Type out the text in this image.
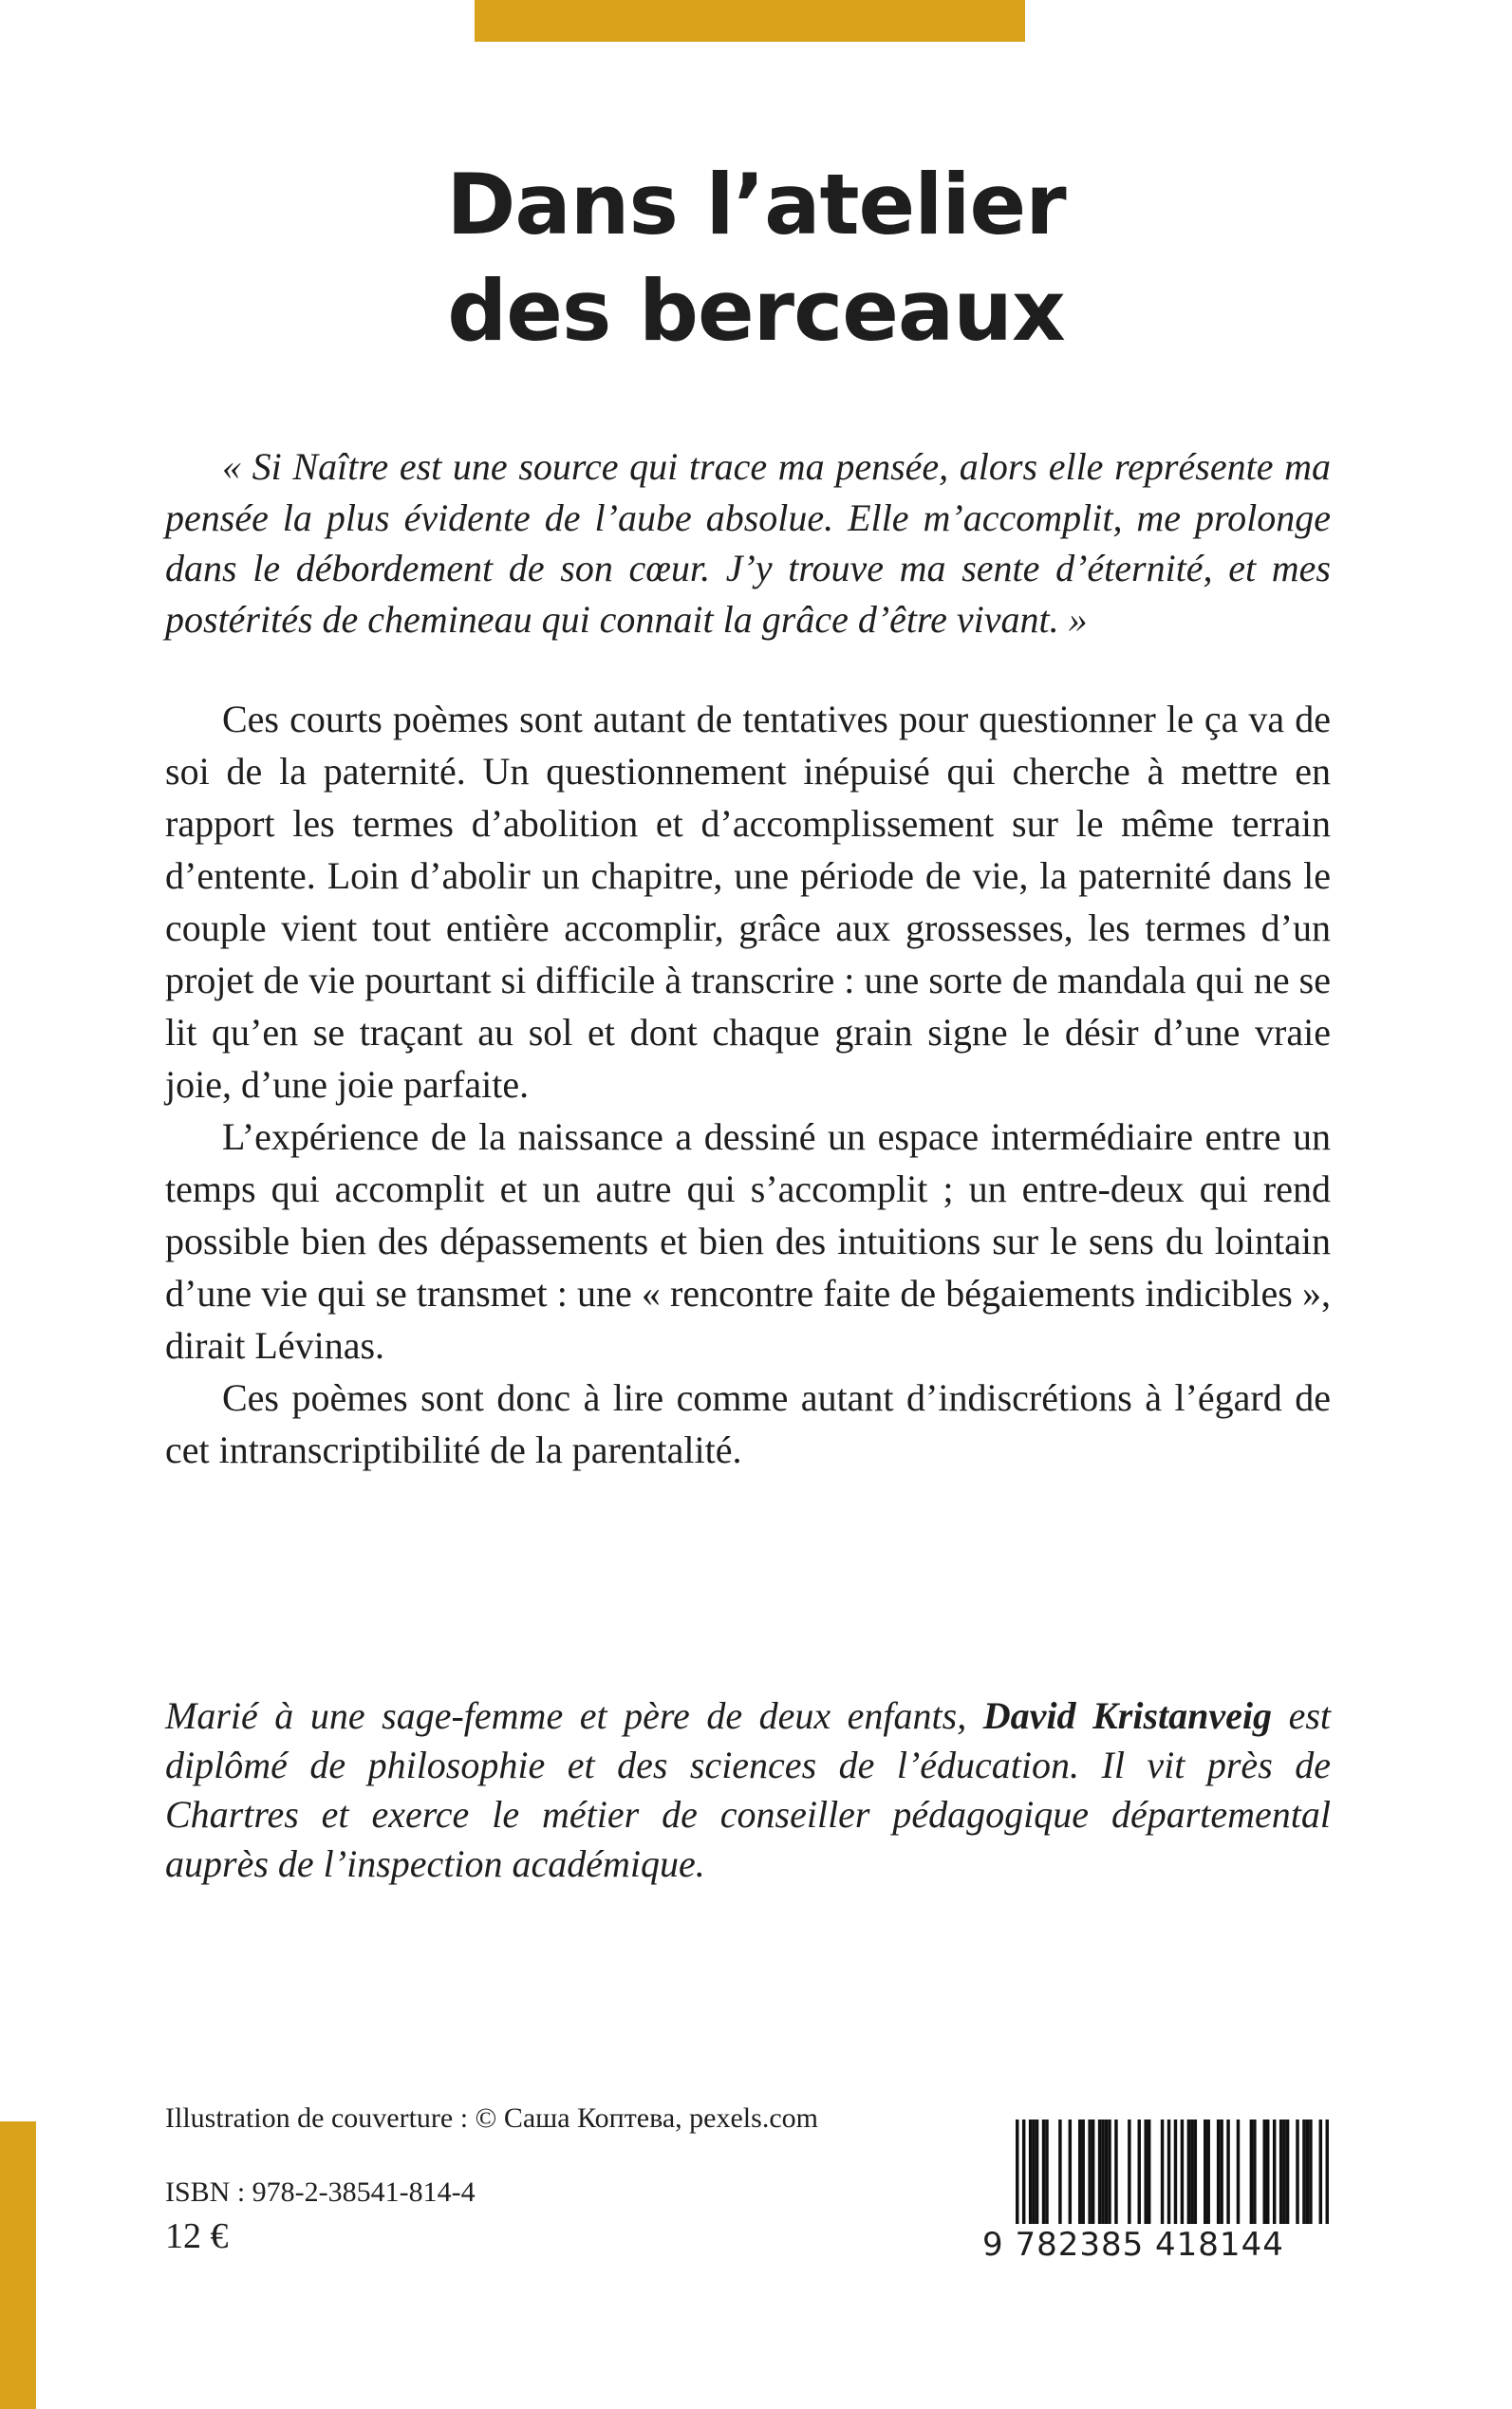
Dans l’atelier
des berceaux

« Si Naître est une source qui trace ma pensée, alors elle représente ma pensée la plus évidente de l’aube absolue. Elle m’accomplit, me prolonge dans le débordement de son cœur. J’y trouve ma sente d’éternité, et mes postérités de chemineau qui connait la grâce d’être vivant. »

Ces courts poèmes sont autant de tentatives pour questionner le ça va de soi de la paternité. Un questionnement inépuisé qui cherche à mettre en rapport les termes d’abolition et d’accomplissement sur le même terrain d’entente. Loin d’abolir un chapitre, une période de vie, la paternité dans le couple vient tout entière accomplir, grâce aux grossesses, les termes d’un projet de vie pourtant si difficile à transcrire : une sorte de mandala qui ne se lit qu’en se traçant au sol et dont chaque grain signe le désir d’une vraie joie, d’une joie parfaite.

L’expérience de la naissance a dessiné un espace intermédiaire entre un temps qui accomplit et un autre qui s’accomplit ; un entre-deux qui rend possible bien des dépassements et bien des intuitions sur le sens du lointain d’une vie qui se transmet : une « rencontre faite de bégaiements indicibles », dirait Lévinas.

Ces poèmes sont donc à lire comme autant d’indiscrétions à l’égard de cet intranscriptibilité de la parentalité.

Marié à une sage-femme et père de deux enfants, David Kristanveig est diplômé de philosophie et des sciences de l’éducation. Il vit près de Chartres et exerce le métier de conseiller pédagogique départemental auprès de l’inspection académique.

Illustration de couverture : © Саша Коптева, pexels.com
ISBN : 978-2-38541-814-4
12 €	9 782385 418144
